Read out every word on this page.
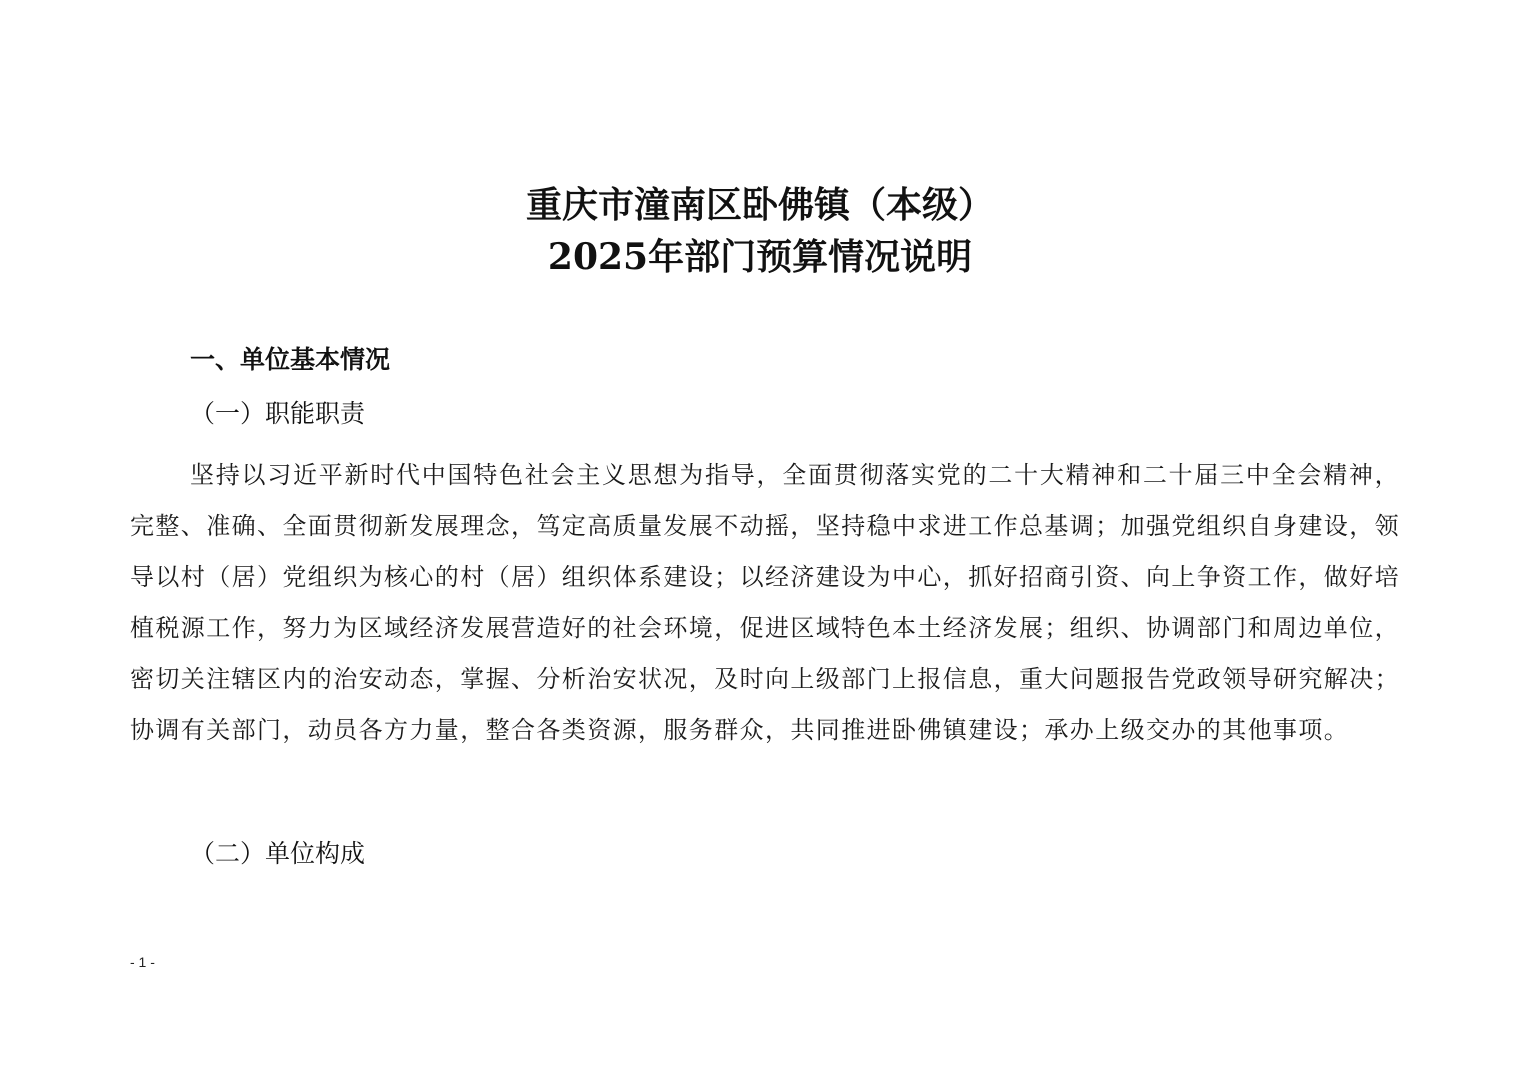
重庆市潼南区卧佛镇（本级）
2025年部门预算情况说明
一、单位基本情况
（一）职能职责

坚持以习近平新时代中国特色社会主义思想为指导，全面贯彻落实党的二十大精神和二十届三中全会精神，完整、准确、全面贯彻新发展理念，笃定高质量发展不动摇，坚持稳中求进工作总基调；加强党组织自身建设，领导以村（居）党组织为核心的村（居）组织体系建设；以经济建设为中心，抓好招商引资、向上争资工作，做好培植税源工作，努力为区域经济发展营造好的社会环境，促进区域特色本土经济发展；组织、协调部门和周边单位，密切关注辖区内的治安动态，掌握、分析治安状况，及时向上级部门上报信息，重大问题报告党政领导研究解决；协调有关部门，动员各方力量，整合各类资源，服务群众，共同推进卧佛镇建设；承办上级交办的其他事项。

（二）单位构成
- 1 -
